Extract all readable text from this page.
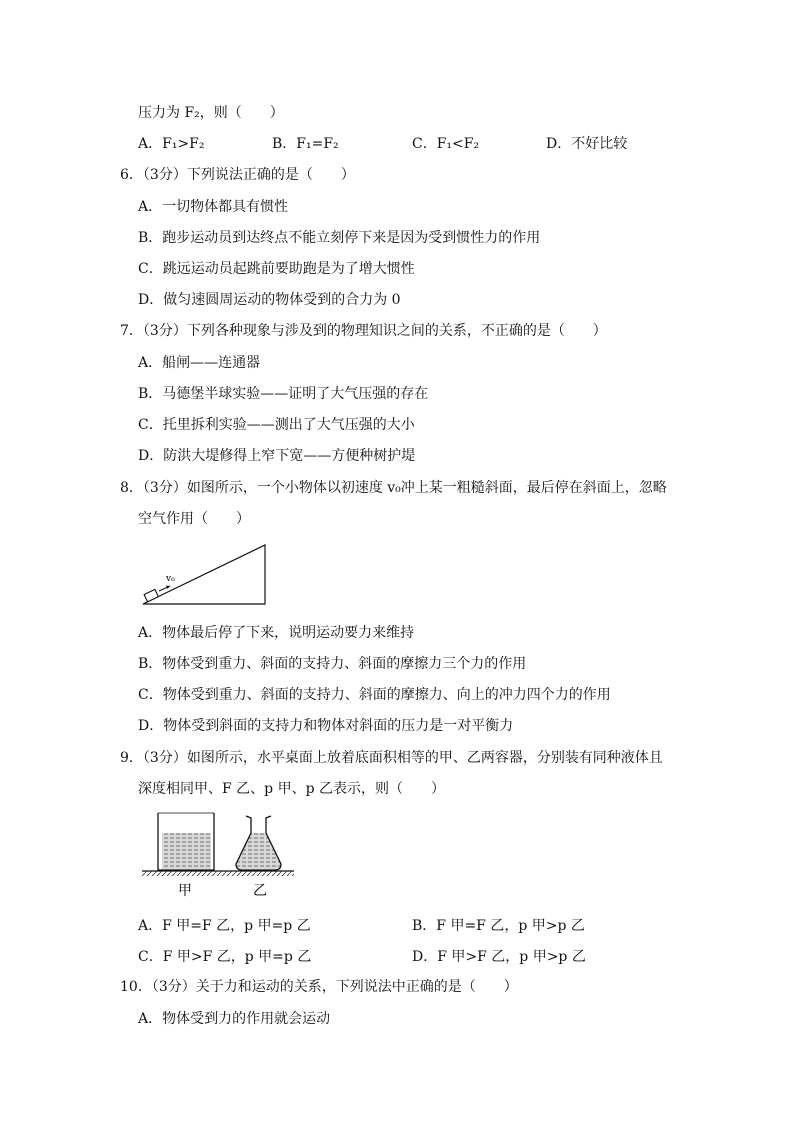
压力为 F₂，则（　　）
A．F₁>F₂	B．F₁=F₂	C．F₁<F₂	D．不好比较
6．（3分）下列说法正确的是（　　）
A．一切物体都具有惯性
B．跑步运动员到达终点不能立刻停下来是因为受到惯性力的作用
C．跳远运动员起跳前要助跑是为了增大惯性
D．做匀速圆周运动的物体受到的合力为 0
7．（3分）下列各种现象与涉及到的物理知识之间的关系，不正确的是（　　）
A．船闸——连通器
B．马德堡半球实验——证明了大气压强的存在
C．托里拆利实验——测出了大气压强的大小
D．防洪大堤修得上窄下宽——方便种树护堤
8．（3分）如图所示，一个小物体以初速度 v₀冲上某一粗糙斜面，最后停在斜面上，忽略
空气作用（　　）
v₀
A．物体最后停了下来，说明运动要力来维持
B．物体受到重力、斜面的支持力、斜面的摩擦力三个力的作用
C．物体受到重力、斜面的支持力、斜面的摩擦力、向上的冲力四个力的作用
D．物体受到斜面的支持力和物体对斜面的压力是一对平衡力
9．（3分）如图所示，水平桌面上放着底面积相等的甲、乙两容器，分别装有同种液体且
深度相同甲、F 乙、p 甲、p 乙表示，则（　　）
甲	乙
A．F 甲=F 乙，p 甲=p 乙	B．F 甲=F 乙，p 甲>p 乙
C．F 甲>F 乙，p 甲=p 乙	D．F 甲>F 乙，p 甲>p 乙
10．（3分）关于力和运动的关系，下列说法中正确的是（　　）
A．物体受到力的作用就会运动
